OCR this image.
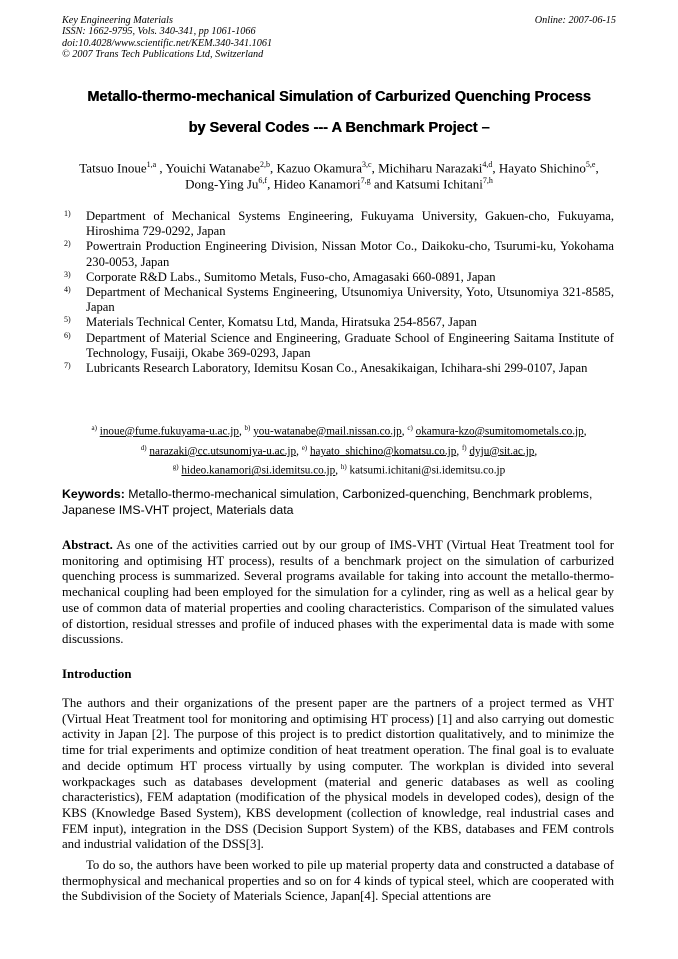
Key Engineering Materials
ISSN: 1662-9795, Vols. 340-341, pp 1061-1066
doi:10.4028/www.scientific.net/KEM.340-341.1061
© 2007 Trans Tech Publications Ltd, Switzerland
Online: 2007-06-15
Metallo-thermo-mechanical Simulation of Carburized Quenching Process
by Several Codes --- A Benchmark Project –
Tatsuo Inoue$^{1,a}$ , Youichi Watanabe$^{2,b}$, Kazuo Okamura$^{3,c}$, Michiharu Narazaki$^{4,d}$, Hayato Shichino$^{5,e}$,
Dong-Ying Ju$^{6,f}$, Hideo Kanamori$^{7,g}$ and Katsumi Ichitani$^{7,h}$
1) Department of Mechanical Systems Engineering, Fukuyama University, Gakuen-cho, Fukuyama, Hiroshima 729-0292, Japan
2) Powertrain Production Engineering Division, Nissan Motor Co., Daikoku-cho, Tsurumi-ku, Yokohama 230-0053, Japan
3) Corporate R&D Labs., Sumitomo Metals, Fuso-cho, Amagasaki 660-0891, Japan
4) Department of Mechanical Systems Engineering, Utsunomiya University, Yoto, Utsunomiya 321-8585, Japan
5) Materials Technical Center, Komatsu Ltd, Manda, Hiratsuka 254-8567, Japan
6) Department of Material Science and Engineering, Graduate School of Engineering Saitama Institute of Technology, Fusaiji, Okabe 369-0293, Japan
7) Lubricants Research Laboratory, Idemitsu Kosan Co., Anesakikaigan, Ichihara-shi 299-0107, Japan
$^{a)}$ inoue@fume.fukuyama-u.ac.jp, $^{b)}$ you-watanabe@mail.nissan.co.jp, $^{c)}$ okamura-kzo@sumitomometals.co.jp,
$^{d)}$ narazaki@cc.utsunomiya-u.ac.jp, $^{e)}$ hayato_shichino@komatsu.co.jp, $^{f)}$ dyju@sit.ac.jp,
$^{g)}$ hideo.kanamori@si.idemitsu.co.jp, $^{h)}$ katsumi.ichitani@si.idemitsu.co.jp
Keywords: Metallo-thermo-mechanical simulation, Carbonized-quenching, Benchmark problems, Japanese IMS-VHT project, Materials data
Abstract. As one of the activities carried out by our group of IMS-VHT (Virtual Heat Treatment tool for monitoring and optimising HT process), results of a benchmark project on the simulation of carburized quenching process is summarized. Several programs available for taking into account the metallo-thermo-mechanical coupling had been employed for the simulation for a cylinder, ring as well as a helical gear by use of common data of material properties and cooling characteristics. Comparison of the simulated values of distortion, residual stresses and profile of induced phases with the experimental data is made with some discussions.
Introduction
The authors and their organizations of the present paper are the partners of a project termed as VHT (Virtual Heat Treatment tool for monitoring and optimising HT process) [1] and also carrying out domestic activity in Japan [2]. The purpose of this project is to predict distortion qualitatively, and to minimize the time for trial experiments and optimize condition of heat treatment operation. The final goal is to evaluate and decide optimum HT process virtually by using computer. The workplan is divided into several workpackages such as databases development (material and generic databases as well as cooling characteristics), FEM adaptation (modification of the physical models in developed codes), design of the KBS (Knowledge Based System), KBS development (collection of knowledge, real industrial cases and FEM input), integration in the DSS (Decision Support System) of the KBS, databases and FEM controls and industrial validation of the DSS[3].
To do so, the authors have been worked to pile up material property data and constructed a database of thermophysical and mechanical properties and so on for 4 kinds of typical steel, which are cooperated with the Subdivision of the Society of Materials Science, Japan[4]. Special attentions are
